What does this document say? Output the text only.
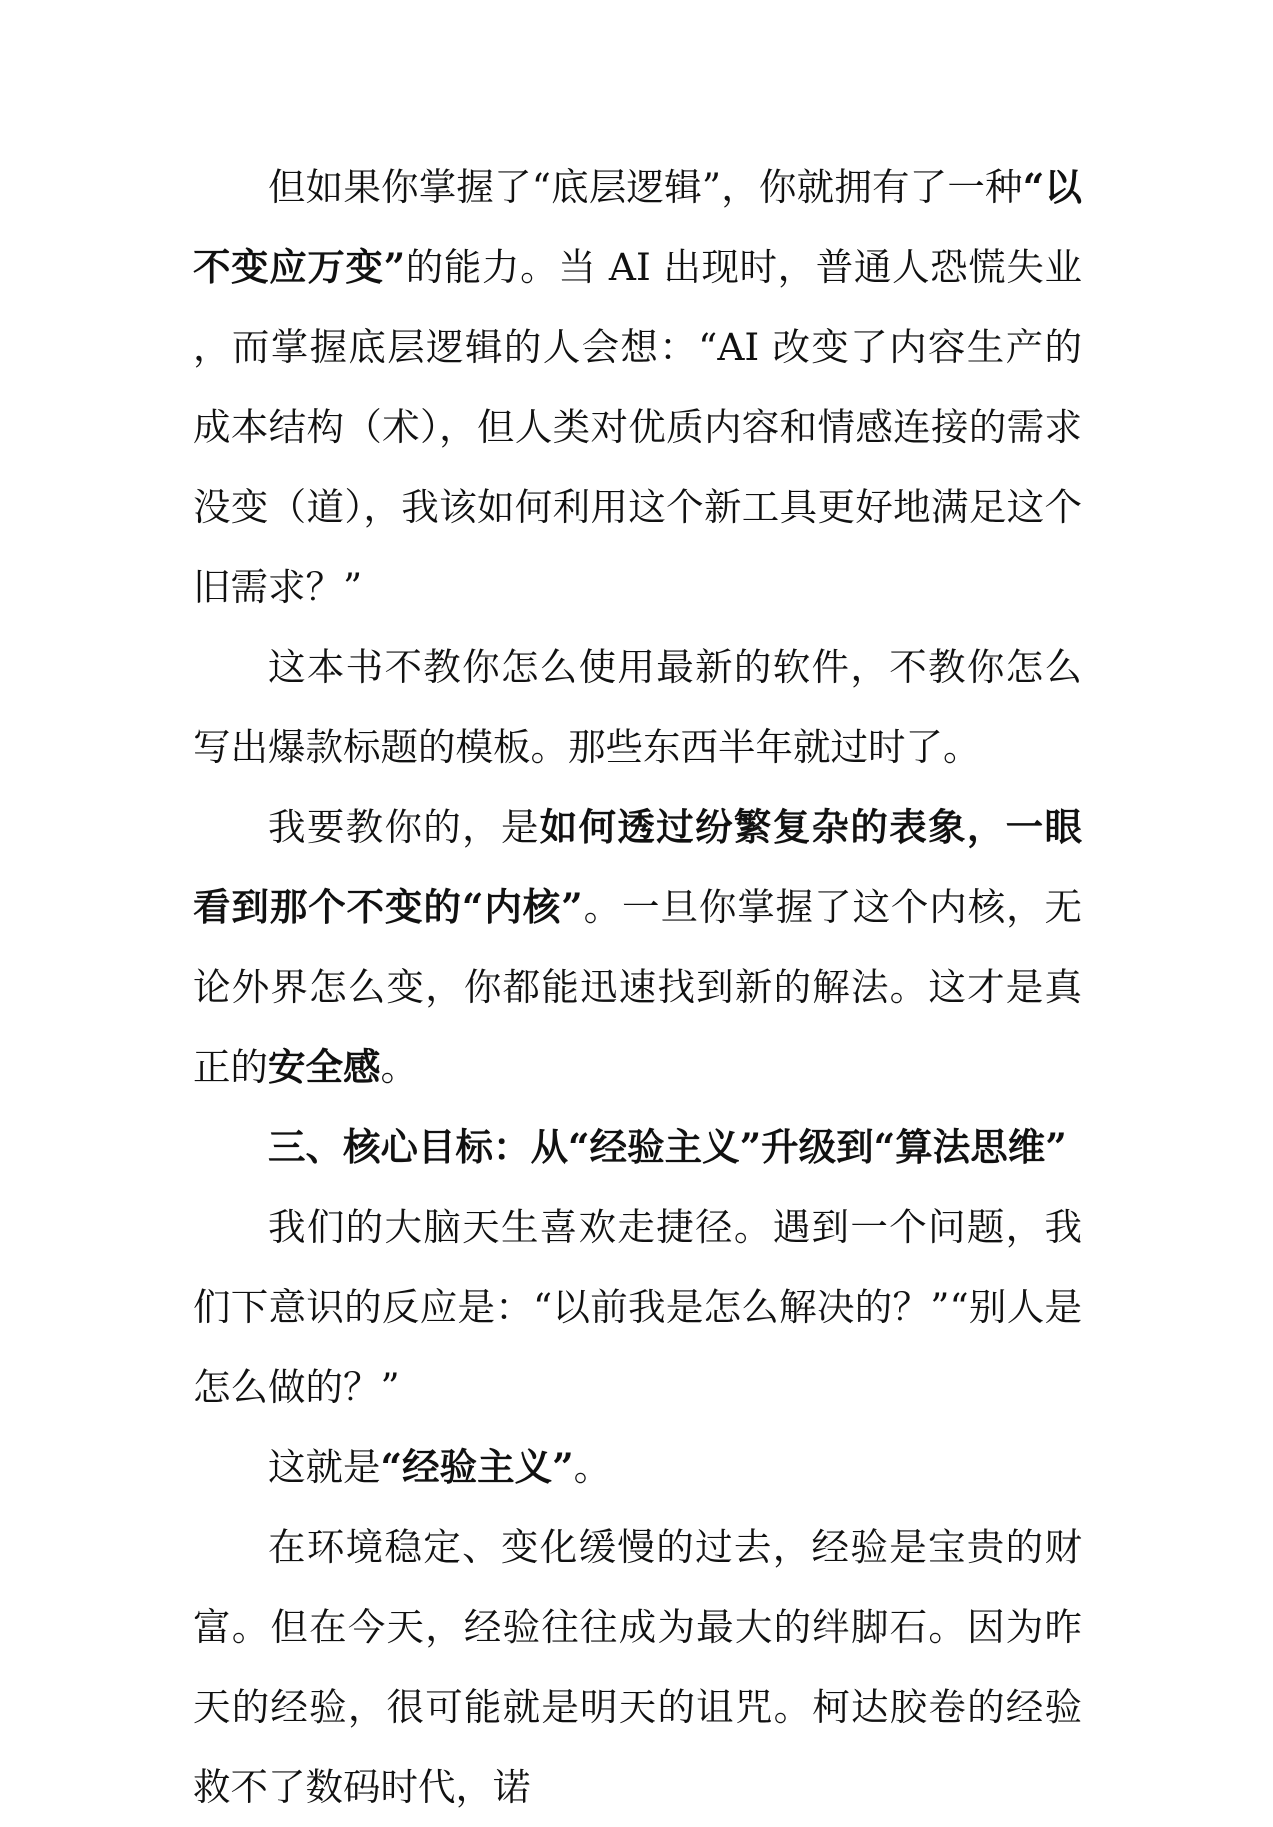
但如果你掌握了“底层逻辑”，你就拥有了一种“以不变应万变”的能力。当 AI 出现时，普通人恐慌失业，而掌握底层逻辑的人会想：“AI 改变了内容生产的成本结构（术），但人类对优质内容和情感连接的需求没变（道），我该如何利用这个新工具更好地满足这个旧需求？”

这本书不教你怎么使用最新的软件，不教你怎么写出爆款标题的模板。那些东西半年就过时了。

我要教你的，是如何透过纷繁复杂的表象，一眼看到那个不变的“内核”。一旦你掌握了这个内核，无论外界怎么变，你都能迅速找到新的解法。这才是真正的安全感。

三、核心目标：从“经验主义”升级到“算法思维”

我们的大脑天生喜欢走捷径。遇到一个问题，我们下意识的反应是：“以前我是怎么解决的？”“别人是怎么做的？”

这就是“经验主义”。

在环境稳定、变化缓慢的过去，经验是宝贵的财富。但在今天，经验往往成为最大的绊脚石。因为昨天的经验，很可能就是明天的诅咒。柯达胶卷的经验救不了数码时代，诺
